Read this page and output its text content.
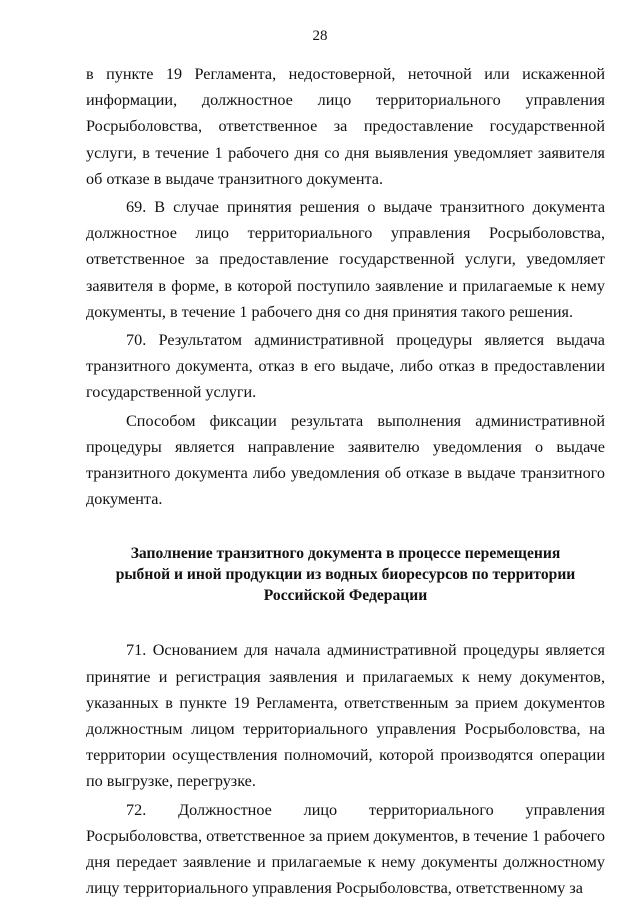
28

в пункте 19 Регламента, недостоверной, неточной или искаженной информации, должностное лицо территориального управления Росрыболовства, ответственное за предоставление государственной услуги, в течение 1 рабочего дня со дня выявления уведомляет заявителя об отказе в выдаче транзитного документа.

69. В случае принятия решения о выдаче транзитного документа должностное лицо территориального управления Росрыболовства, ответственное за предоставление государственной услуги, уведомляет заявителя в форме, в которой поступило заявление и прилагаемые к нему документы, в течение 1 рабочего дня со дня принятия такого решения.

70. Результатом административной процедуры является выдача транзитного документа, отказ в его выдаче, либо отказ в предоставлении государственной услуги.

Способом фиксации результата выполнения административной процедуры является направление заявителю уведомления о выдаче транзитного документа либо уведомления об отказе в выдаче транзитного документа.

Заполнение транзитного документа в процессе перемещения
рыбной и иной продукции из водных биоресурсов по территории
Российской Федерации

71. Основанием для начала административной процедуры является принятие и регистрация заявления и прилагаемых к нему документов, указанных в пункте 19 Регламента, ответственным за прием документов должностным лицом территориального управления Росрыболовства, на территории осуществления полномочий, которой производятся операции по выгрузке, перегрузке.

72. Должностное лицо территориального управления Росрыболовства, ответственное за прием документов, в течение 1 рабочего дня передает заявление и прилагаемые к нему документы должностному лицу территориального управления Росрыболовства, ответственному за
